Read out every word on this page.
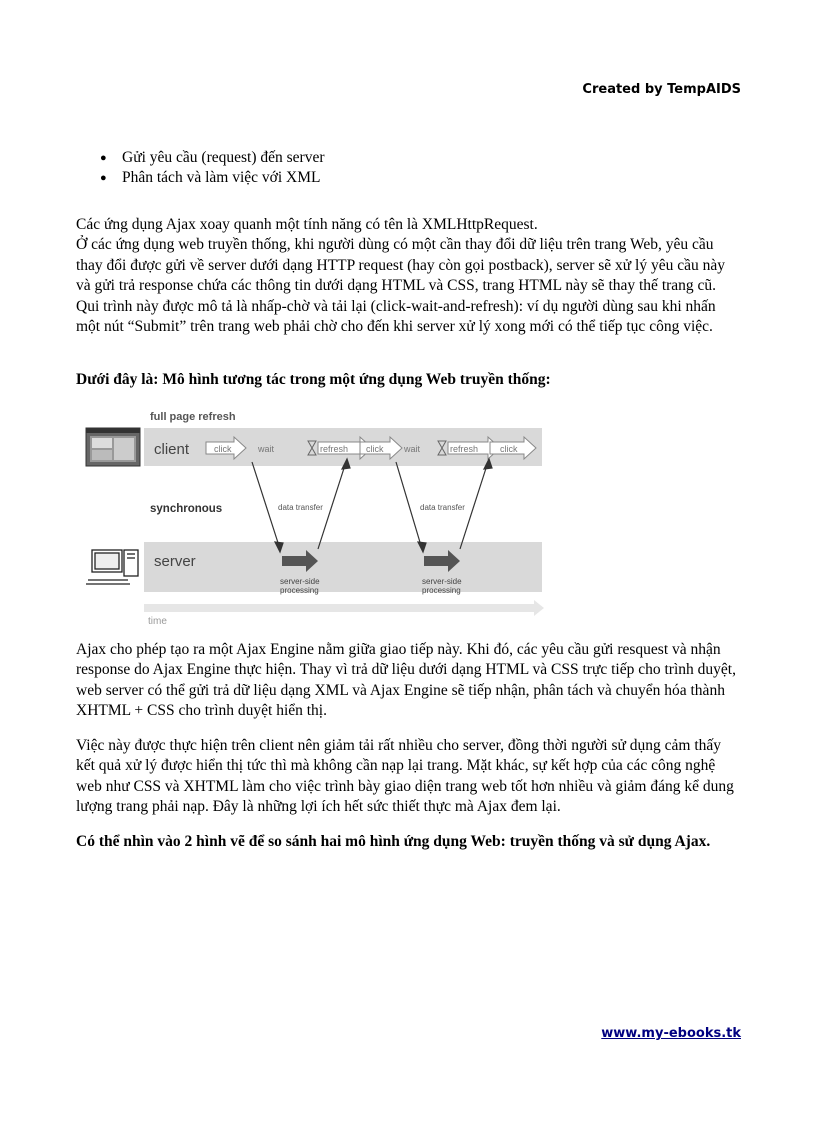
Created by TempAIDS
● Gửi yêu cầu (request) đến server
● Phân tách và làm việc với XML

Các ứng dụng Ajax xoay quanh một tính năng có tên là XMLHttpRequest.
Ở các ứng dụng web truyền thống, khi người dùng có một cần thay đổi dữ liệu trên trang Web, yêu cầu thay đổi được gửi về server dưới dạng HTTP request (hay còn gọi postback), server sẽ xử lý yêu cầu này và gửi trả response chứa các thông tin dưới dạng HTML và CSS, trang HTML này sẽ thay thế trang cũ. Qui trình này được mô tả là nhấp-chờ và tải lại (click-wait-and-refresh): ví dụ người dùng sau khi nhấn một nút “Submit” trên trang web phải chờ cho đến khi server xử lý xong mới có thể tiếp tục công việc.

Dưới đây là: Mô hình tương tác trong một ứng dụng Web truyền thống:
full page refresh
client
synchronous
server
click	wait	refresh click wait	refresh click
data transfer	data transfer
server-side
processing
server-side
processing
time

Ajax cho phép tạo ra một Ajax Engine nằm giữa giao tiếp này. Khi đó, các yêu cầu gửi resquest và nhận response do Ajax Engine thực hiện. Thay vì trả dữ liệu dưới dạng HTML và CSS trực tiếp cho trình duyệt, web server có thể gửi trả dữ liệu dạng XML và Ajax Engine sẽ tiếp nhận, phân tách và chuyển hóa thành XHTML + CSS cho trình duyệt hiển thị.

Việc này được thực hiện trên client nên giảm tải rất nhiều cho server, đồng thời người sử dụng cảm thấy kết quả xử lý được hiển thị tức thì mà không cần nạp lại trang. Mặt khác, sự kết hợp của các công nghệ web như CSS và XHTML làm cho việc trình bày giao diện trang web tốt hơn nhiều và giảm đáng kể dung lượng trang phải nạp. Đây là những lợi ích hết sức thiết thực mà Ajax đem lại.

Có thể nhìn vào 2 hình vẽ để so sánh hai mô hình ứng dụng Web: truyền thống và sử dụng Ajax.
www.my-ebooks.tk
